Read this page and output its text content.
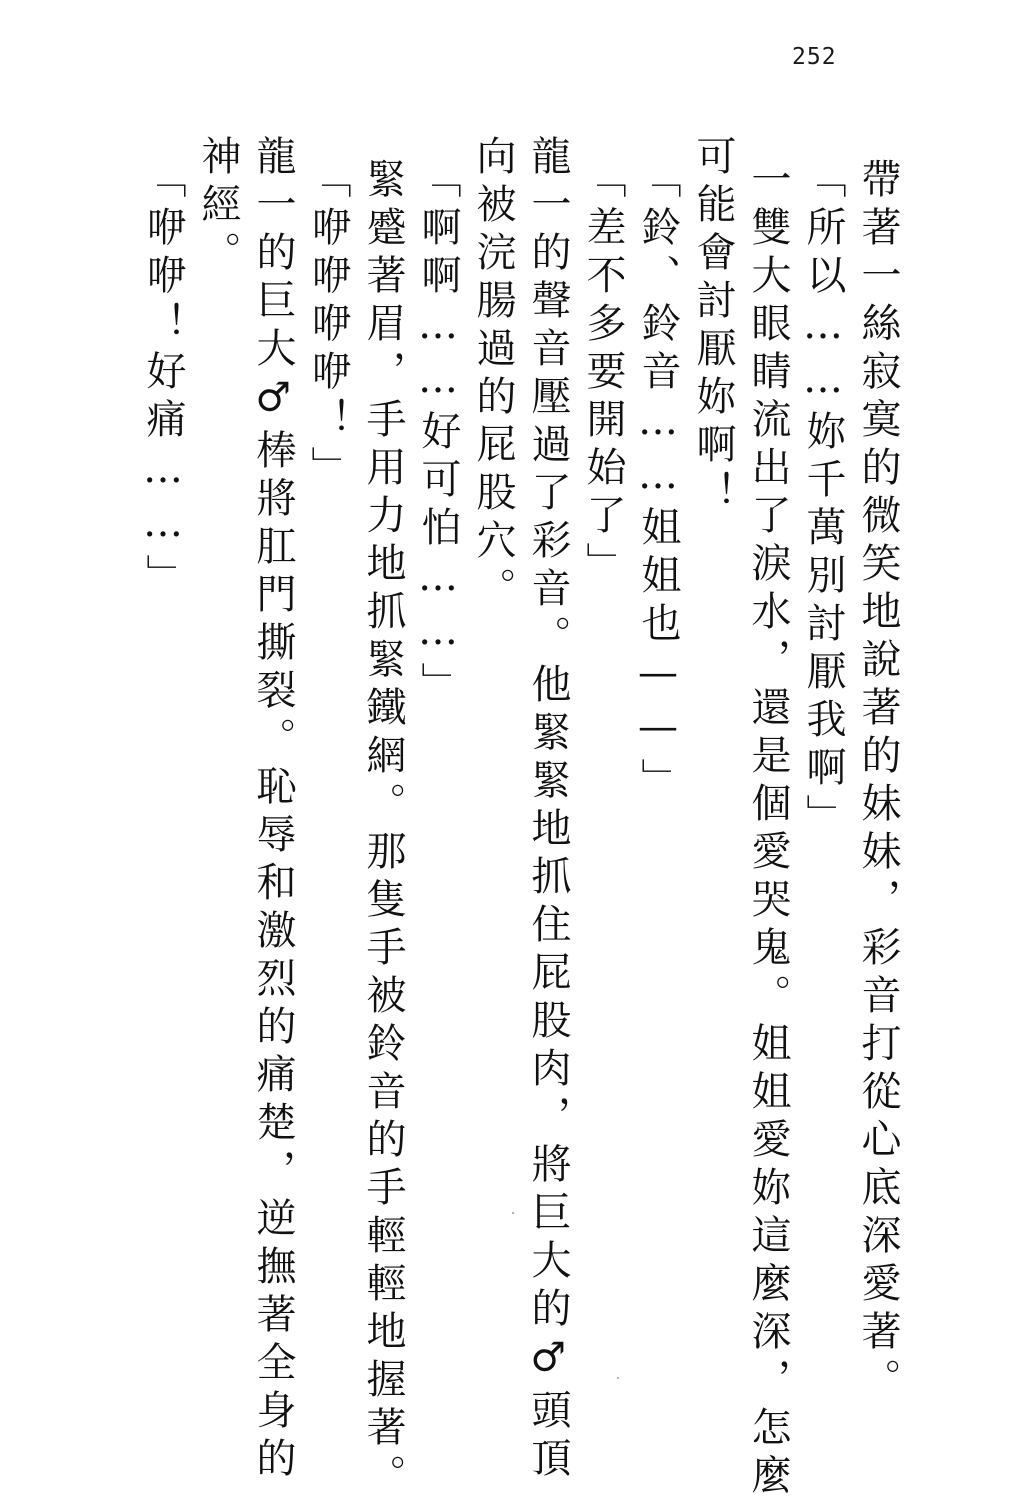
252
帶著一絲寂寞的微笑地說著的妹妹，彩音打從心底深愛著。
「所以……妳千萬別討厭我啊」
一雙大眼睛流出了淚水，還是個愛哭鬼。姐姐愛妳這麼深，怎麼
可能會討厭妳啊！
「鈴、鈴音……姐姐也——」
「差不多要開始了」
龍一的聲音壓過了彩音。他緊緊地抓住屁股肉，將巨大的♂頭頂
向被浣腸過的屁股穴。
「啊啊……好可怕……」
緊蹙著眉，手用力地抓緊鐵網。那隻手被鈴音的手輕輕地握著。
「咿咿咿咿！」
龍一的巨大♂棒將肛門撕裂。恥辱和激烈的痛楚，逆撫著全身的
神經。
「咿咿！好痛……」
